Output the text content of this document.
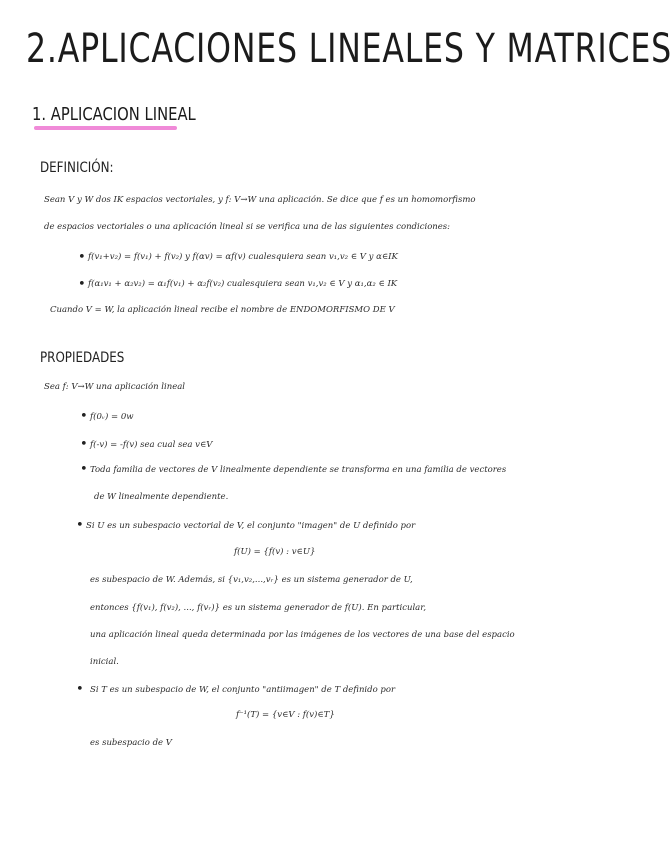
2.APLICACIONES LINEALES Y MATRICES
1. APLICACION LINEAL
DEFINICIÓN:
Sean V y W dos IK espacios vectoriales, y f: V→W una aplicación. Se dice que f es un homomorfismo
de espacios vectoriales o una aplicación lineal si se verifica una de las siguientes condiciones:
• f(v₁+v₂) = f(v₁) + f(v₂) y f(αv) = αf(v) cualesquiera sean v₁,v₂ ∈ V y α∈IK
• f(α₁v₁ + α₂v₂) = α₁f(v₁) + α₂f(v₂) cualesquiera sean v₁,v₂ ∈ V y α₁,α₂ ∈ IK
Cuando V = W, la aplicación lineal recibe el nombre de ENDOMORFISMO DE V
PROPIEDADES
Sea f: V→W una aplicación lineal
• f(0ᵥ) = 0w
• f(-v) = -f(v) sea cual sea v∈V
• Toda familia de vectores de V linealmente dependiente se transforma en una familia de vectores
de W linealmente dependiente.
• Si U es un subespacio vectorial de V, el conjunto "imagen" de U definido por
f(U) = {f(v) : v∈U}
es subespacio de W. Además, si {v₁,v₂,...,vᵣ} es un sistema generador de U,
entonces {f(v₁), f(v₂), ..., f(vᵣ)} es un sistema generador de f(U). En particular,
una aplicación lineal queda determinada por las imágenes de los vectores de una base del espacio
inicial.
• Si T es un subespacio de W, el conjunto "antiimagen" de T definido por
f⁻¹(T) = {v∈V : f(v)∈T}
es subespacio de V
